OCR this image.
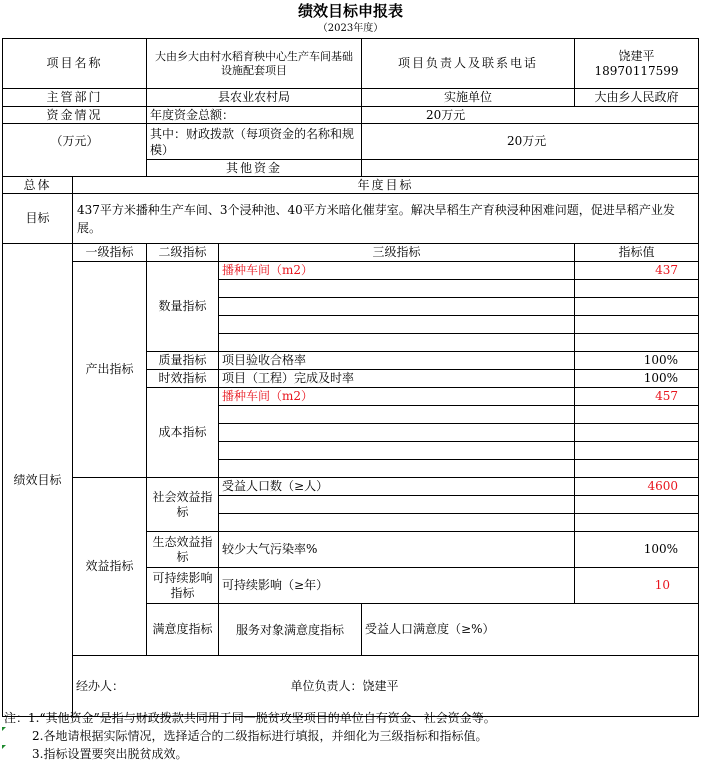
绩效目标申报表
（2023年度）
项目名称		大由乡大由村水稻育秧中心生产车间基础设施配套项目		项目负责人及联系电话	饶建平18970117599	
主管部门		县农业农村局		实施单位	大由乡人民政府	
资金情况		年度资金总额：		20万元		
（万元）		其中：财政拨款（每项资金的名称和规模）		20万元		
		其他资金				
总体	年度目标					
目标	437平方米播种生产车间、3个浸种池、40平方米暗化催芽室。解决旱稻生产育秧浸种困难问题，促进旱稻产业发展。					
绩效目标	一级指标	二级指标	三级指标		指标值	
	产出指标	数量指标	播种车间（m2）		437	

		质量指标	项目验收合格率		100%	
		时效指标	项目（工程）完成及时率		100%	
		成本指标	播种车间（m2）		457	

	效益指标	社会效益指标	受益人口数（≥人）		4600	

		生态效益指标	较少大气污染率%		100%	
		可持续影响指标	可持续影响（≥年）		10	
		满意度指标	服务对象满意度指标	受益人口满意度（≥%）	
	经办人：		单位负责人：饶建平	
注：1.“其他资金”是指与财政拨款共同用于同一脱贫攻坚项目的单位自有资金、社会资金等。
2.各地请根据实际情况，选择适合的二级指标进行填报，并细化为三级指标和指标值。
3.指标设置要突出脱贫成效。
